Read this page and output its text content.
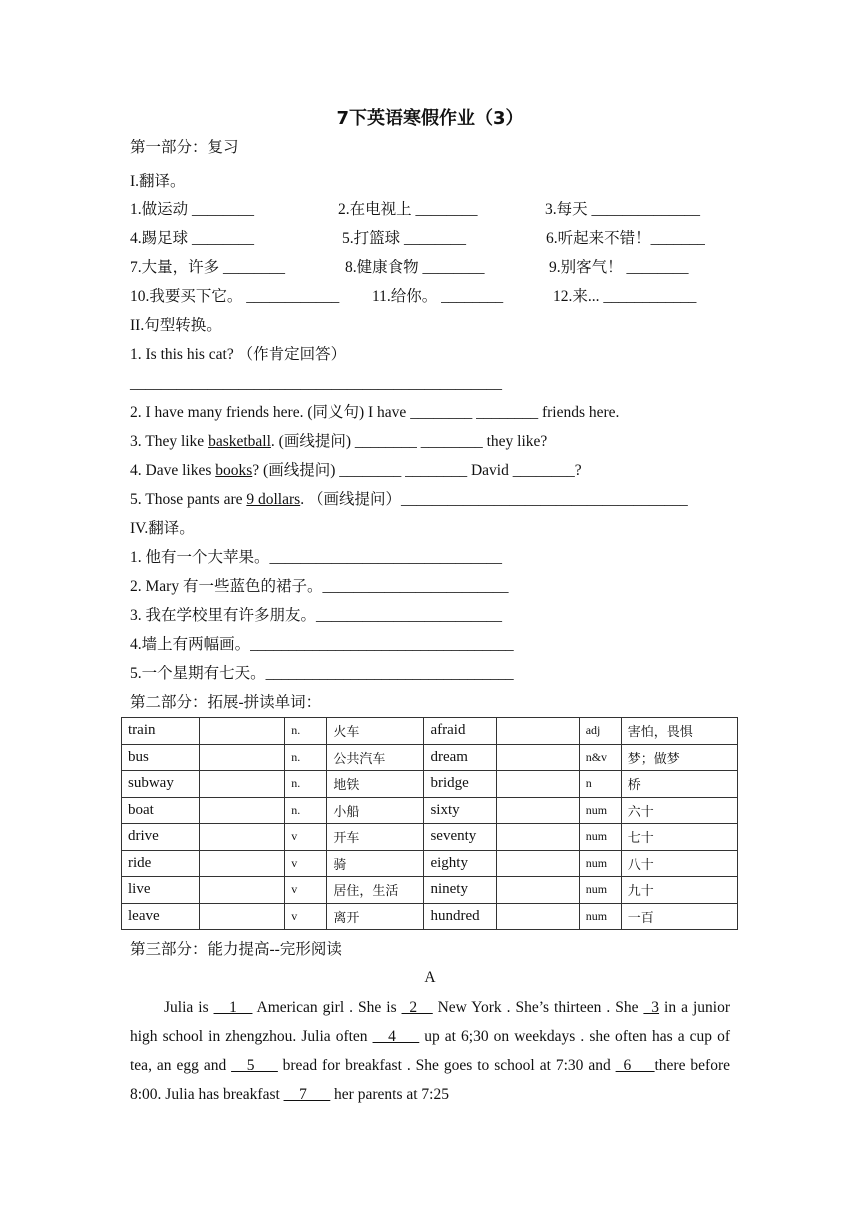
7下英语寒假作业（3）
第一部分：复习
I.翻译。
1.做运动 ________	2.在电视上 ________	3.每天 ______________
4.踢足球 ________	5.打篮球 ________	6.听起来不错！_______
7.大量，许多 ________	8.健康食物 ________	9.别客气！ ________
10.我要买下它。 ____________ 11.给你。 ________	12.来... ____________
II.句型转换。
1. Is this his cat? （作肯定回答）
________________________________________________
2. I have many friends here. (同义句) I have ________ ________ friends here.
3. They like basketball. (画线提问) ________ ________ they like?
4. Dave likes books? (画线提问) ________ ________ David ________?
5. Those pants are 9 dollars. （画线提问）_____________________________________
IV.翻译。
1. 他有一个大苹果。______________________________
2. Mary 有一些蓝色的裙子。________________________
3. 我在学校里有许多朋友。________________________
4.墙上有两幅画。__________________________________
5.一个星期有七天。________________________________
第二部分：拓展-拼读单词：
train		n.	火车	afraid		adj	害怕，畏惧
bus		n.	公共汽车	dream		n&v	梦；做梦
subway		n.	地铁	bridge		n	桥
boat		n.	小船	sixty		num	六十
drive		v	开车	seventy		num	七十
ride		v	骑	eighty		num	八十
live		v	居住，生活	ninety		num	九十
leave		v	离开	hundred		num	一百
第三部分：能力提高--完形阅读
A
Julia is __1__ American girl . She is _2__ New York . She’s thirteen . She _3 in a junior high school in zhengzhou. Julia often __4___ up at 6;30 on weekdays . she often has a cup of tea, an egg and __5___ bread for breakfast . She goes to school at 7:30 and _6___there before 8:00. Julia has breakfast __7___ her parents at 7:25
